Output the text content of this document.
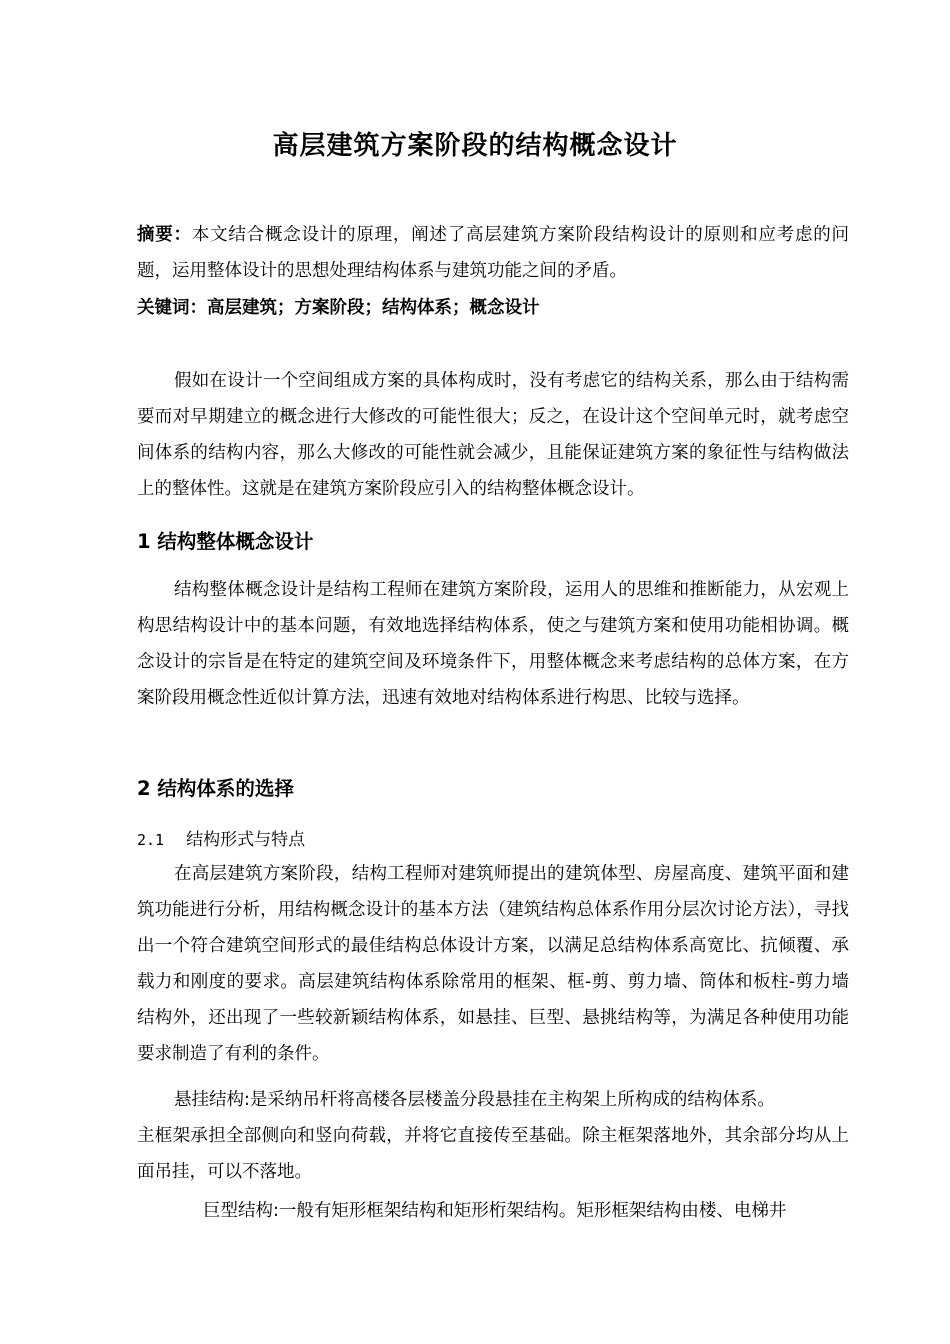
高层建筑方案阶段的结构概念设计
摘要：本文结合概念设计的原理，阐述了高层建筑方案阶段结构设计的原则和应考虑的问题，运用整体设计的思想处理结构体系与建筑功能之间的矛盾。
关键词：高层建筑；方案阶段；结构体系；概念设计
假如在设计一个空间组成方案的具体构成时，没有考虑它的结构关系，那么由于结构需要而对早期建立的概念进行大修改的可能性很大；反之，在设计这个空间单元时，就考虑空间体系的结构内容，那么大修改的可能性就会减少，且能保证建筑方案的象征性与结构做法上的整体性。这就是在建筑方案阶段应引入的结构整体概念设计。
1 结构整体概念设计
结构整体概念设计是结构工程师在建筑方案阶段，运用人的思维和推断能力，从宏观上构思结构设计中的基本问题，有效地选择结构体系，使之与建筑方案和使用功能相协调。概念设计的宗旨是在特定的建筑空间及环境条件下，用整体概念来考虑结构的总体方案，在方案阶段用概念性近似计算方法，迅速有效地对结构体系进行构思、比较与选择。
2 结构体系的选择
2.1 结构形式与特点
在高层建筑方案阶段，结构工程师对建筑师提出的建筑体型、房屋高度、建筑平面和建筑功能进行分析，用结构概念设计的基本方法（建筑结构总体系作用分层次讨论方法），寻找出一个符合建筑空间形式的最佳结构总体设计方案，以满足总结构体系高宽比、抗倾覆、承载力和刚度的要求。高层建筑结构体系除常用的框架、框-剪、剪力墙、筒体和板柱-剪力墙结构外，还出现了一些较新颖结构体系，如悬挂、巨型、悬挑结构等，为满足各种使用功能要求制造了有利的条件。
悬挂结构:是采纳吊杆将高楼各层楼盖分段悬挂在主构架上所构成的结构体系。
主框架承担全部侧向和竖向荷载，并将它直接传至基础。除主框架落地外，其余部分均从上面吊挂，可以不落地。
巨型结构:一般有矩形框架结构和矩形桁架结构。矩形框架结构由楼、电梯井
